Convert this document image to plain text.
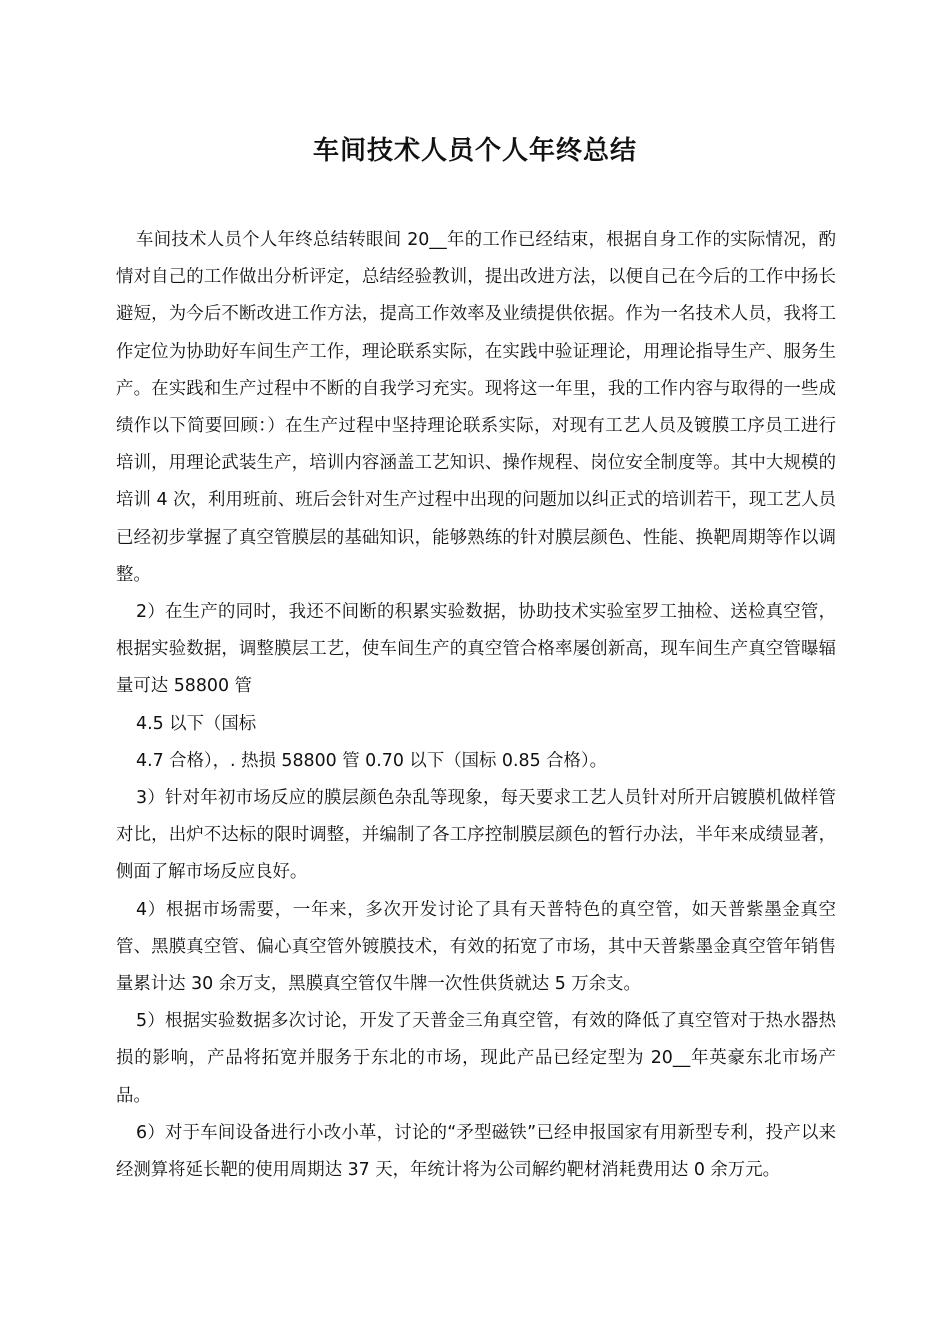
车间技术人员个人年终总结

车间技术人员个人年终总结转眼间 20__年的工作已经结束，根据自身工作的实际情况，酌情对自己的工作做出分析评定，总结经验教训，提出改进方法，以便自己在今后的工作中扬长避短，为今后不断改进工作方法，提高工作效率及业绩提供依据。作为一名技术人员，我将工作定位为协助好车间生产工作，理论联系实际，在实践中验证理论，用理论指导生产、服务生产。在实践和生产过程中不断的自我学习充实。现将这一年里，我的工作内容与取得的一些成绩作以下简要回顾：）在生产过程中坚持理论联系实际，对现有工艺人员及镀膜工序员工进行培训，用理论武装生产，培训内容涵盖工艺知识、操作规程、岗位安全制度等。其中大规模的培训 4 次，利用班前、班后会针对生产过程中出现的问题加以纠正式的培训若干，现工艺人员已经初步掌握了真空管膜层的基础知识，能够熟练的针对膜层颜色、性能、换靶周期等作以调整。

2）在生产的同时，我还不间断的积累实验数据，协助技术实验室罗工抽检、送检真空管，根据实验数据，调整膜层工艺，使车间生产的真空管合格率屡创新高，现车间生产真空管曝辐量可达 58800 管

4.5 以下（国标

4.7 合格），. 热损 58800 管 0.70 以下（国标 0.85 合格）。

3）针对年初市场反应的膜层颜色杂乱等现象，每天要求工艺人员针对所开启镀膜机做样管对比，出炉不达标的限时调整，并编制了各工序控制膜层颜色的暂行办法，半年来成绩显著，侧面了解市场反应良好。

4）根据市场需要，一年来，多次开发讨论了具有天普特色的真空管，如天普紫墨金真空管、黑膜真空管、偏心真空管外镀膜技术，有效的拓宽了市场，其中天普紫墨金真空管年销售量累计达 30 余万支，黑膜真空管仅牛牌一次性供货就达 5 万余支。

5）根据实验数据多次讨论，开发了天普金三角真空管，有效的降低了真空管对于热水器热损的影响，产品将拓宽并服务于东北的市场，现此产品已经定型为 20__年英豪东北市场产品。

6）对于车间设备进行小改小革，讨论的“矛型磁铁”已经申报国家有用新型专利，投产以来经测算将延长靶的使用周期达 37 天，年统计将为公司解约靶材消耗费用达 0 余万元。
